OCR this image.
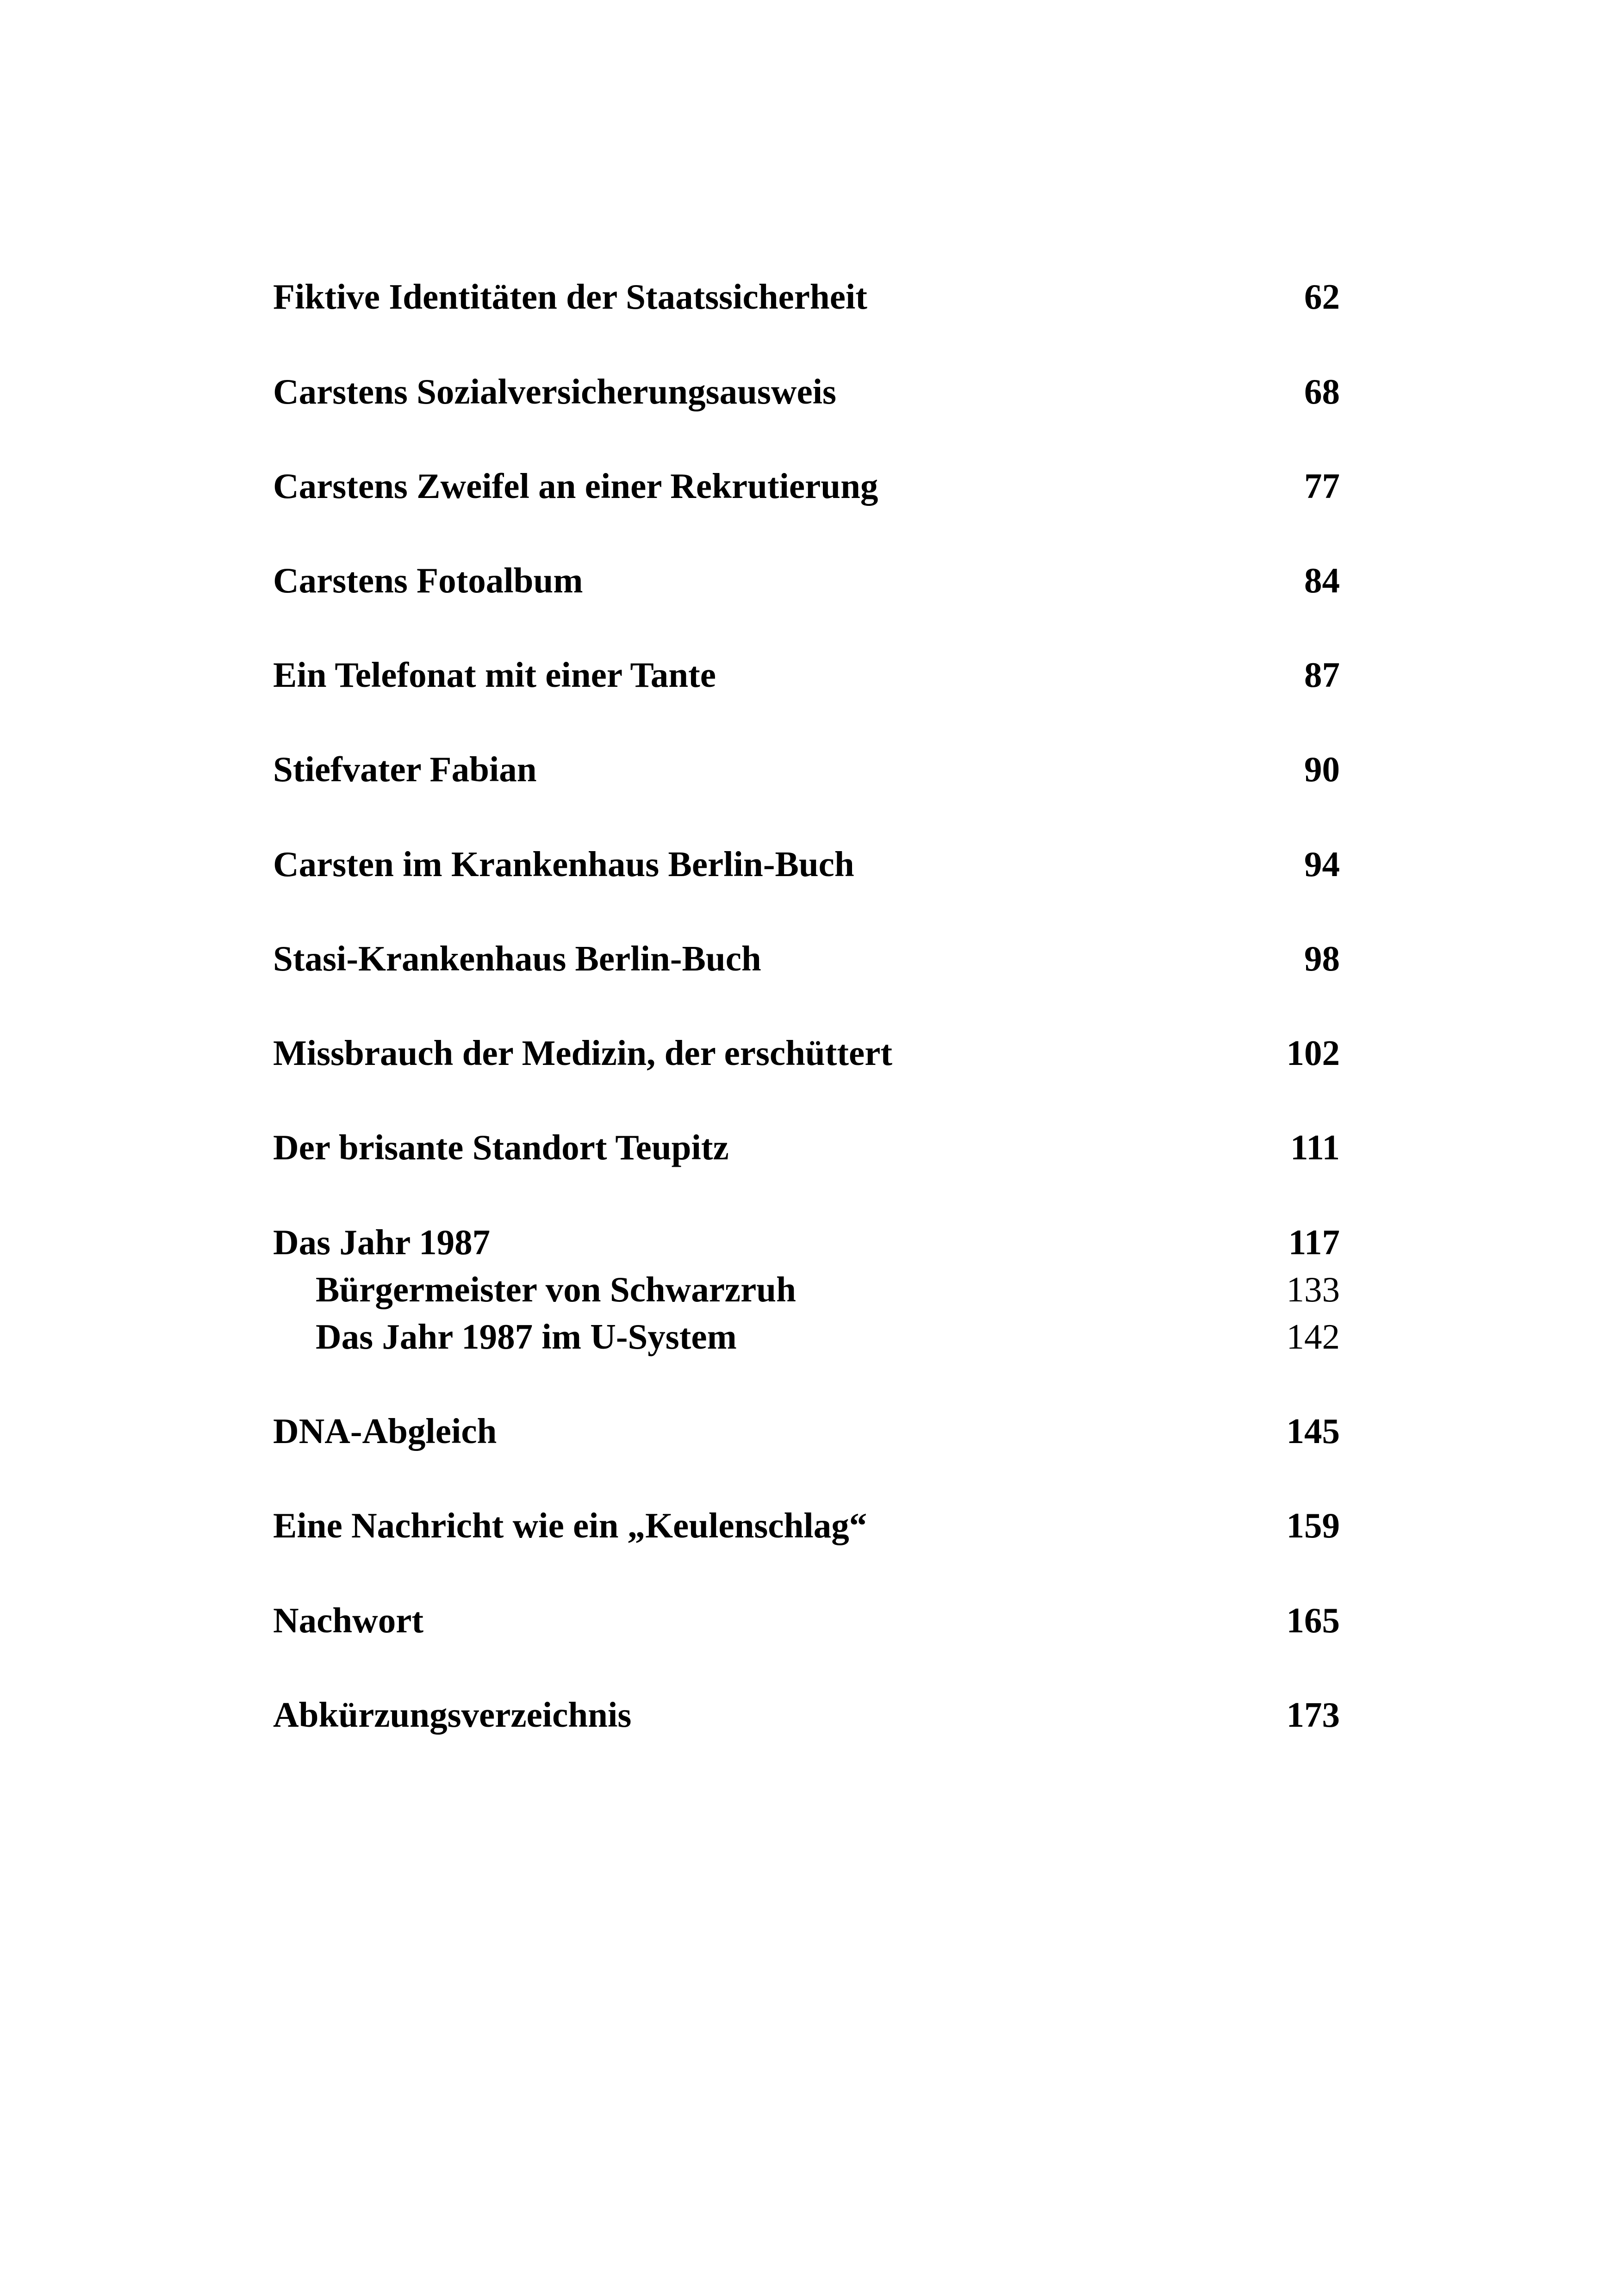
Fiktive Identitäten der Staatssicherheit	62
Carstens Sozialversicherungsausweis	68
Carstens Zweifel an einer Rekrutierung	77
Carstens Fotoalbum	84
Ein Telefonat mit einer Tante	87
Stiefvater Fabian	90
Carsten im Krankenhaus Berlin-Buch	94
Stasi-Krankenhaus Berlin-Buch	98
Missbrauch der Medizin, der erschüttert	102
Der brisante Standort Teupitz	111
Das Jahr 1987	117
Bürgermeister von Schwarzruh	133
Das Jahr 1987 im U-System	142
DNA-Abgleich	145
Eine Nachricht wie ein „Keulenschlag“	159
Nachwort	165
Abkürzungsverzeichnis	173
